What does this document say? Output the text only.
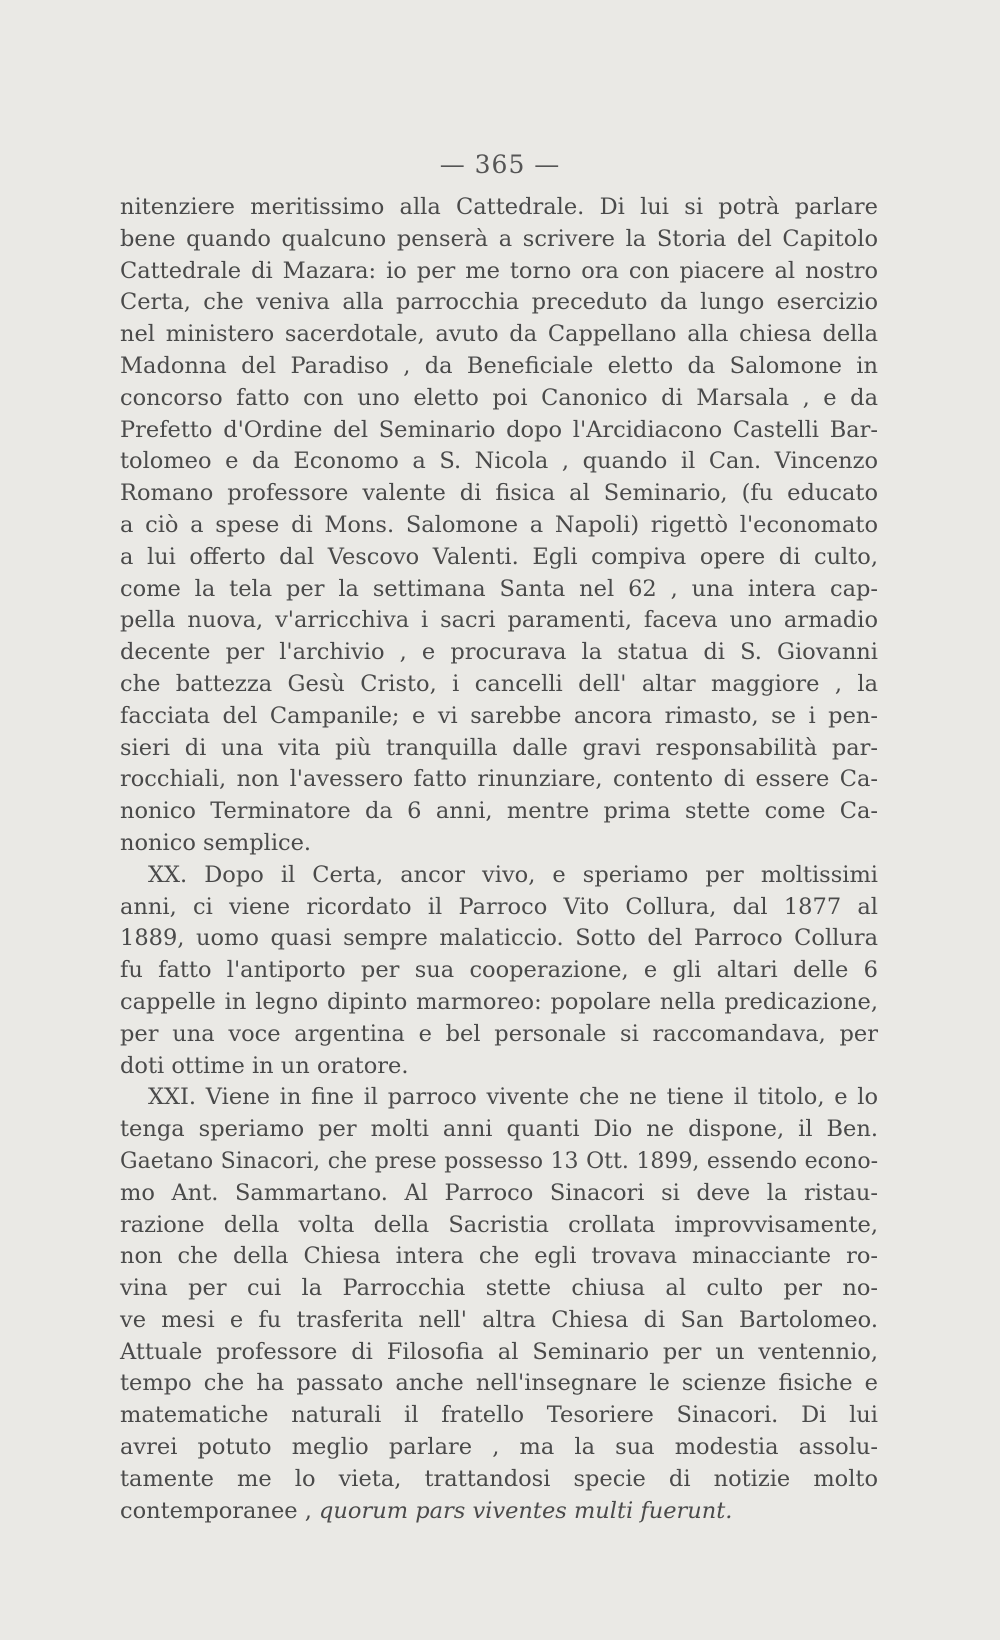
— 365 —
nitenziere meritissimo alla Cattedrale. Di lui si potrà parlare
bene quando qualcuno penserà a scrivere la Storia del Capitolo
Cattedrale di Mazara: io per me torno ora con piacere al nostro
Certa, che veniva alla parrocchia preceduto da lungo esercizio
nel ministero sacerdotale, avuto da Cappellano alla chiesa della
Madonna del Paradiso , da Beneficiale eletto da Salomone in
concorso fatto con uno eletto poi Canonico di Marsala , e da
Prefetto d'Ordine del Seminario dopo l'Arcidiacono Castelli Bar-
tolomeo e da Economo a S. Nicola , quando il Can. Vincenzo
Romano professore valente di fisica al Seminario, (fu educato
a ciò a spese di Mons. Salomone a Napoli) rigettò l'economato
a lui offerto dal Vescovo Valenti. Egli compiva opere di culto,
come la tela per la settimana Santa nel 62 , una intera cap-
pella nuova, v'arricchiva i sacri paramenti, faceva uno armadio
decente per l'archivio , e procurava la statua di S. Giovanni
che battezza Gesù Cristo, i cancelli dell' altar maggiore , la
facciata del Campanile; e vi sarebbe ancora rimasto, se i pen-
sieri di una vita più tranquilla dalle gravi responsabilità par-
rocchiali, non l'avessero fatto rinunziare, contento di essere Ca-
nonico Terminatore da 6 anni, mentre prima stette come Ca-
nonico semplice.
XX. Dopo il Certa, ancor vivo, e speriamo per moltissimi
anni, ci viene ricordato il Parroco Vito Collura, dal 1877 al
1889, uomo quasi sempre malaticcio. Sotto del Parroco Collura
fu fatto l'antiporto per sua cooperazione, e gli altari delle 6
cappelle in legno dipinto marmoreo: popolare nella predicazione,
per una voce argentina e bel personale si raccomandava, per
doti ottime in un oratore.
XXI. Viene in fine il parroco vivente che ne tiene il titolo, e lo
tenga speriamo per molti anni quanti Dio ne dispone, il Ben.
Gaetano Sinacori, che prese possesso 13 Ott. 1899, essendo econo-
mo Ant. Sammartano. Al Parroco Sinacori si deve la ristau-
razione della volta della Sacristia crollata improvvisamente,
non che della Chiesa intera che egli trovava minacciante ro-
vina per cui la Parrocchia stette chiusa al culto per no-
ve mesi e fu trasferita nell' altra Chiesa di San Bartolomeo.
Attuale professore di Filosofia al Seminario per un ventennio,
tempo che ha passato anche nell'insegnare le scienze fisiche e
matematiche naturali il fratello Tesoriere Sinacori. Di lui
avrei potuto meglio parlare , ma la sua modestia assolu-
tamente me lo vieta, trattandosi specie di notizie molto
contemporanee , quorum pars viventes multi fuerunt.
